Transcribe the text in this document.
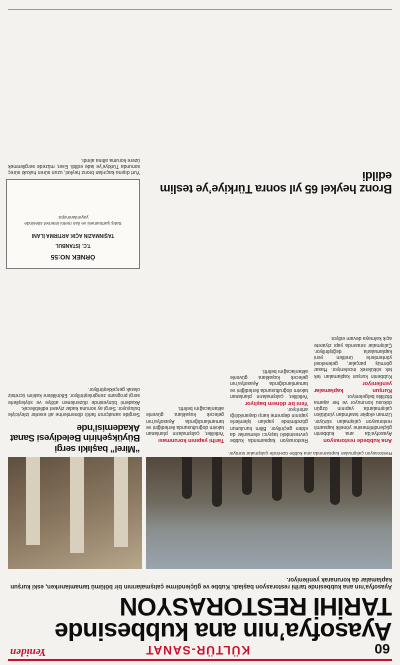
60
KÜLTÜR-SANAT
Yeniden
Ayasofya’nın ana kubbesinde TARİHİ RESTORASYON
Ayasofya’nın ana kubbesinde tarihi restorasyon başladı. Kubbe ve güçlendirme çalışmalarının bir bölümü tamamlanırken, eski kurşun kaplamalar da korunarak yenileniyor.
Restorasyon çalışmaları kapsamında ana kubbe üzerinde çalışmalar sürüyor.
Ana kubbede restorasyon
Ayasofya’da ana kubbenin güçlendirilmesine yönelik kapsamlı restorasyon çalışmaları sürüyor. Uzman ekipler tarafından yürütülen çalışmalarda yapının özgün dokusu korunuyor ve her aşama titizlikle belgeleniyor.
Kurşun kaplamalar yenileniyor
Kubbenin kurşun kaplamaları tek tek sökülerek inceleniyor. Hasar görmüş parçalar, geleneksel yöntemlerle üretilen yeni kaplamalarla değiştiriliyor. Çalışmalar sırasında yapı ziyarete açık kalmaya devam ediyor.
Restorasyon kapsamında kubbe çevresindeki taşıyıcı elemanlar da elden geçiriliyor. Bilim kurulunun gözetiminde yapılan işlemlerle yapının depreme karşı dayanıklılığı artırılıyor.
Yeni bir dönem başlıyor
Yetkililer, çalışmaların planlanan takvim doğrultusunda ilerlediğini ve tamamlandığında Ayasofya’nın gelecek kuşaklara güvenle aktarılacağını belirtti.
Tarihi yapının korunması
Yetkililer, çalışmaların planlanan takvim doğrultusunda ilerlediğini ve tamamlandığında Ayasofya’nın gelecek kuşaklara güvenle aktarılacağını belirtti.
Bronz heykel 65 yıl sonra Türkiye’ye teslim edildi
“Mirel” başlıklı sergi Büyükşehirin Belediyesi Sanat Akademisi’nde
Sergide sanatçının farklı dönemlerine ait eserler izleyiciyle buluşuyor. Sergi ay sonuna kadar ziyaret edilebilecek.
Akademi bünyesinde düzenlenen atölye ve söyleşilerle sergi programı zenginleştiriliyor. Etkinliklere katılım ücretsiz olarak gerçekleştiriliyor.
ÖRNEK NO:55
T.C. İSTANBUL
TAŞINMAZIN AÇIK ARTIRMA İLANI
Satış şartnamesi ve ilan metni internet sitesinde yayımlanmıştır.
Yurt dışına kaçırılan bronz heykel, uzun süren hukuki süreç sonunda Türkiye’ye iade edildi. Eser, müzede sergilenmek üzere koruma altına alındı.
